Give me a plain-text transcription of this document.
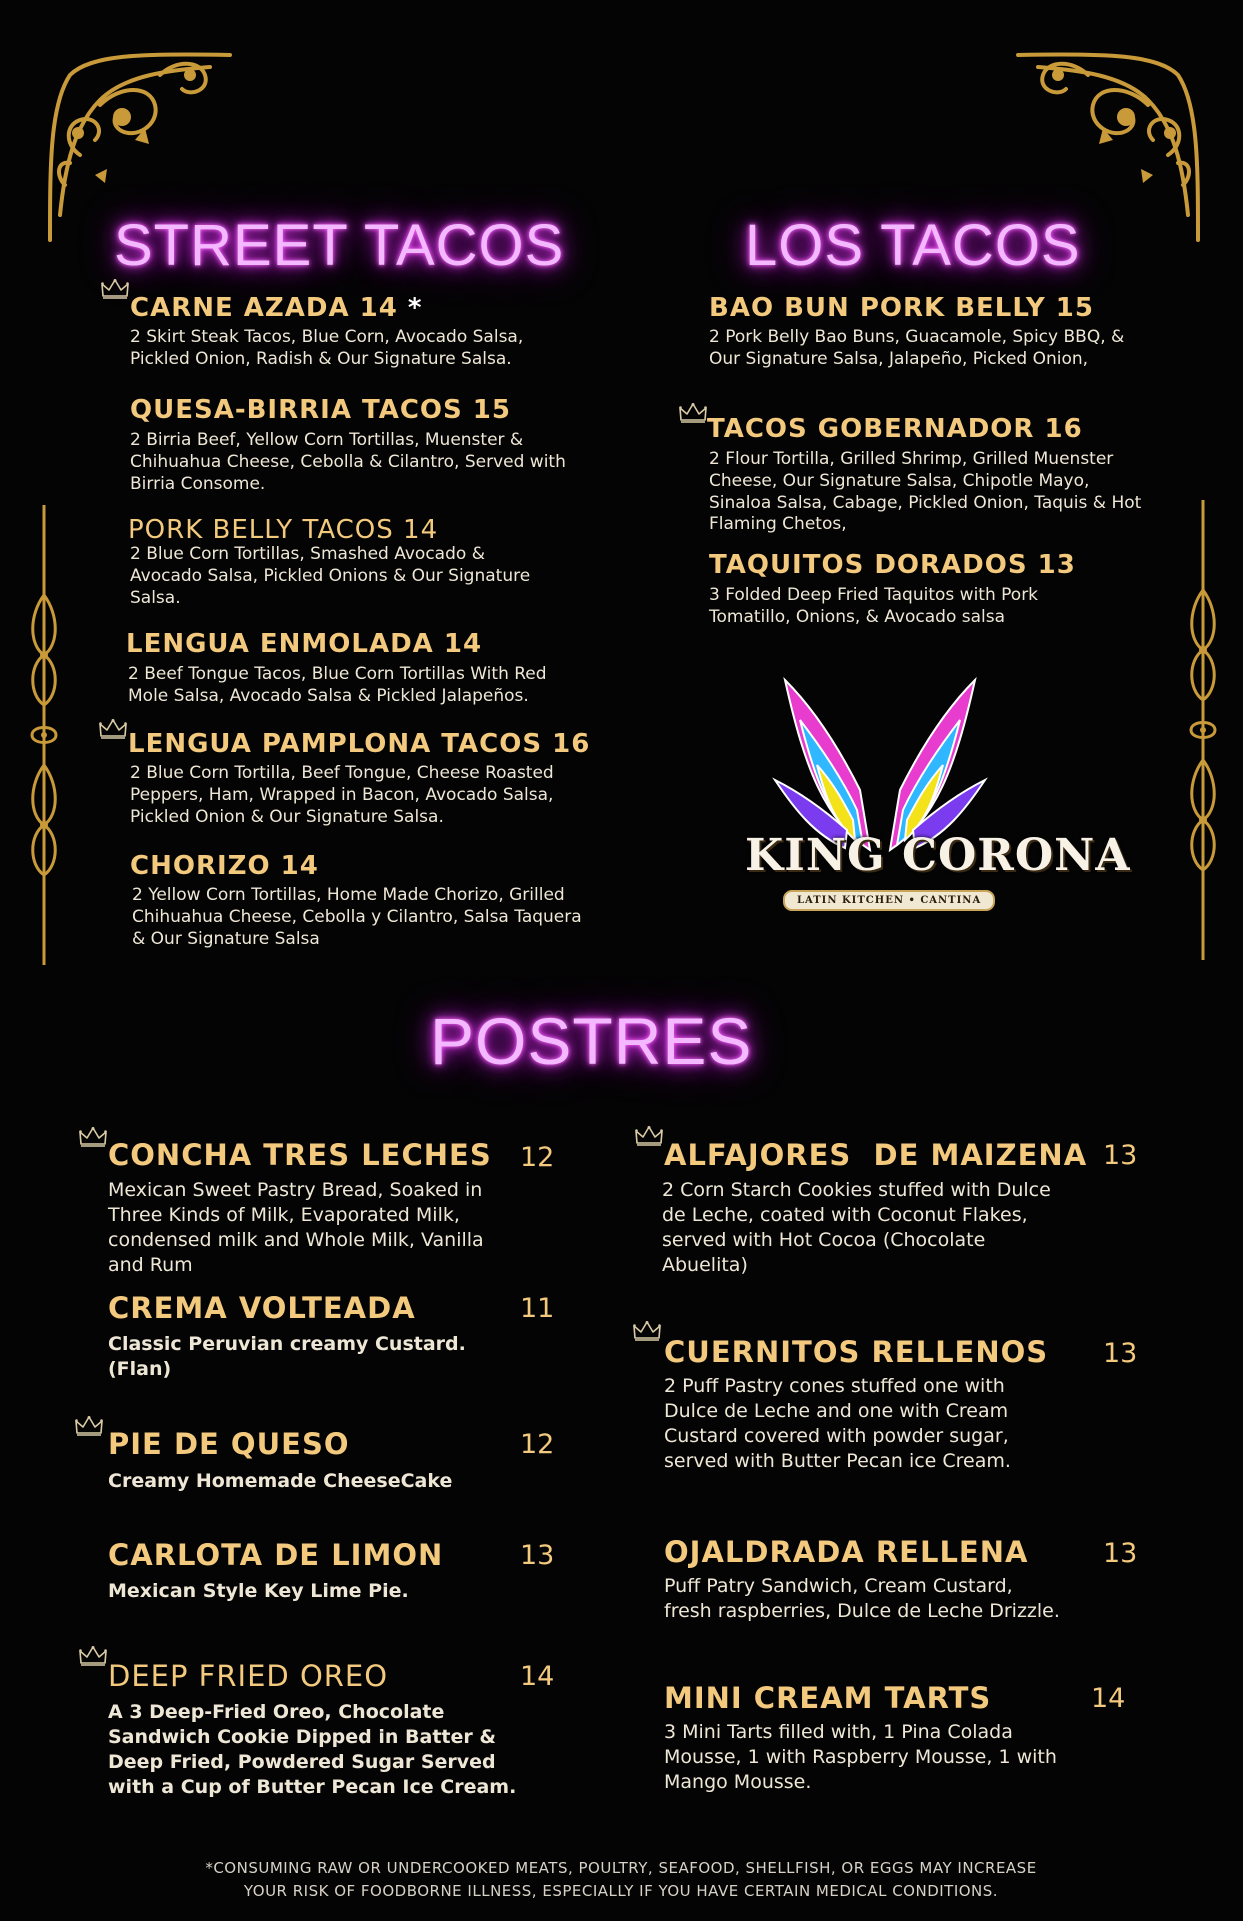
STREET TACOS	LOS TACOS
POSTRES
CARNE AZADA 14 *
2 Skirt Steak Tacos, Blue Corn, Avocado Salsa, Pickled Onion, Radish & Our Signature Salsa.
QUESA-BIRRIA TACOS 15
2 Birria Beef, Yellow Corn Tortillas, Muenster & Chihuahua Cheese, Cebolla & Cilantro, Served with Birria Consome.
PORK BELLY TACOS 14
2 Blue Corn Tortillas, Smashed Avocado & Avocado Salsa, Pickled Onions & Our Signature Salsa.
LENGUA ENMOLADA 14
2 Beef Tongue Tacos, Blue Corn Tortillas With Red Mole Salsa, Avocado Salsa & Pickled Jalapeños.
LENGUA PAMPLONA TACOS 16
2 Blue Corn Tortilla, Beef Tongue, Cheese Roasted Peppers, Ham, Wrapped in Bacon, Avocado Salsa, Pickled Onion & Our Signature Salsa.
CHORIZO 14
2 Yellow Corn Tortillas, Home Made Chorizo, Grilled Chihuahua Cheese, Cebolla y Cilantro, Salsa Taquera & Our Signature Salsa
BAO BUN PORK BELLY 15
2 Pork Belly Bao Buns, Guacamole, Spicy BBQ, & Our Signature Salsa, Jalapeño, Picked Onion,
TACOS GOBERNADOR 16
2 Flour Tortilla, Grilled Shrimp, Grilled Muenster Cheese, Our Signature Salsa, Chipotle Mayo, Sinaloa Salsa, Cabage, Pickled Onion, Taquis & Hot Flaming Chetos,
TAQUITOS DORADOS 13
3 Folded Deep Fried Taquitos with Pork Tomatillo, Onions, & Avocado salsa
KING CORONA
LATIN KITCHEN • CANTINA
CONCHA TRES LECHES 12
Mexican Sweet Pastry Bread, Soaked in Three Kinds of Milk, Evaporated Milk, condensed milk and Whole Milk, Vanilla and Rum
CREMA VOLTEADA	11
Classic Peruvian creamy Custard. (Flan)
PIE DE QUESO	12
Creamy Homemade CheeseCake
CARLOTA DE LIMON	13
Mexican Style Key Lime Pie.
DEEP FRIED OREO	14
A 3 Deep-Fried Oreo, Chocolate Sandwich Cookie Dipped in Batter & Deep Fried, Powdered Sugar Served with a Cup of Butter Pecan Ice Cream.
ALFAJORES  DE MAIZENA 13
2 Corn Starch Cookies stuffed with Dulce de Leche, coated with Coconut Flakes, served with Hot Cocoa (Chocolate Abuelita)
CUERNITOS RELLENOS 13
2 Puff Pastry cones stuffed one with Dulce de Leche and one with Cream Custard covered with powder sugar, served with Butter Pecan ice Cream.
OJALDRADA RELLENA	13
Puff Patry Sandwich, Cream Custard, fresh raspberries, Dulce de Leche Drizzle.
MINI CREAM TARTS	14
3 Mini Tarts filled with, 1 Pina Colada Mousse, 1 with Raspberry Mousse, 1 with Mango Mousse.
*CONSUMING RAW OR UNDERCOOKED MEATS, POULTRY, SEAFOOD, SHELLFISH, OR EGGS MAY INCREASE
YOUR RISK OF FOODBORNE ILLNESS, ESPECIALLY IF YOU HAVE CERTAIN MEDICAL CONDITIONS.
